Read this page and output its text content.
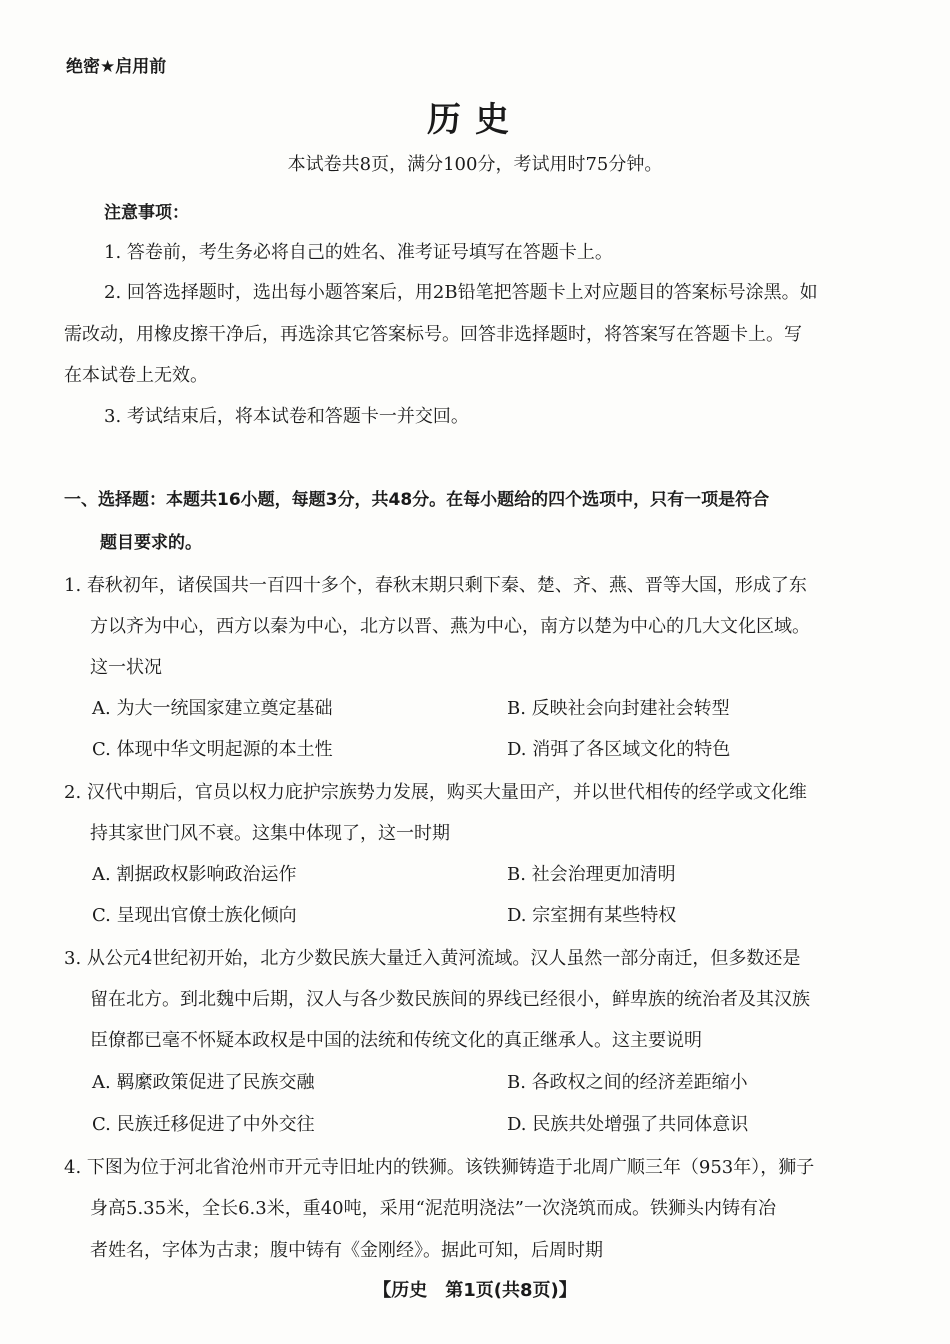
绝密★启用前
历史
本试卷共8页，满分100分，考试用时75分钟。
注意事项：
1. 答卷前，考生务必将自己的姓名、准考证号填写在答题卡上。
2. 回答选择题时，选出每小题答案后，用2B铅笔把答题卡上对应题目的答案标号涂黑。如
需改动，用橡皮擦干净后，再选涂其它答案标号。回答非选择题时，将答案写在答题卡上。写
在本试卷上无效。
3. 考试结束后，将本试卷和答题卡一并交回。
一、选择题：本题共16小题，每题3分，共48分。在每小题给的四个选项中，只有一项是符合
题目要求的。
1. 春秋初年，诸侯国共一百四十多个，春秋末期只剩下秦、楚、齐、燕、晋等大国，形成了东
方以齐为中心，西方以秦为中心，北方以晋、燕为中心，南方以楚为中心的几大文化区域。
这一状况
A. 为大一统国家建立奠定基础	B. 反映社会向封建社会转型
C. 体现中华文明起源的本土性	D. 消弭了各区域文化的特色
2. 汉代中期后，官员以权力庇护宗族势力发展，购买大量田产，并以世代相传的经学或文化维
持其家世门风不衰。这集中体现了，这一时期
A. 割据政权影响政治运作	B. 社会治理更加清明
C. 呈现出官僚士族化倾向	D. 宗室拥有某些特权
3. 从公元4世纪初开始，北方少数民族大量迁入黄河流域。汉人虽然一部分南迁，但多数还是
留在北方。到北魏中后期，汉人与各少数民族间的界线已经很小，鲜卑族的统治者及其汉族
臣僚都已毫不怀疑本政权是中国的法统和传统文化的真正继承人。这主要说明
A. 羁縻政策促进了民族交融	B. 各政权之间的经济差距缩小
C. 民族迁移促进了中外交往	D. 民族共处增强了共同体意识
4. 下图为位于河北省沧州市开元寺旧址内的铁狮。该铁狮铸造于北周广顺三年（953年），狮子
身高5.35米，全长6.3米，重40吨，采用“泥范明浇法”一次浇筑而成。铁狮头内铸有冶
者姓名，字体为古隶；腹中铸有《金刚经》。据此可知，后周时期
【历史　第1页(共8页)】
